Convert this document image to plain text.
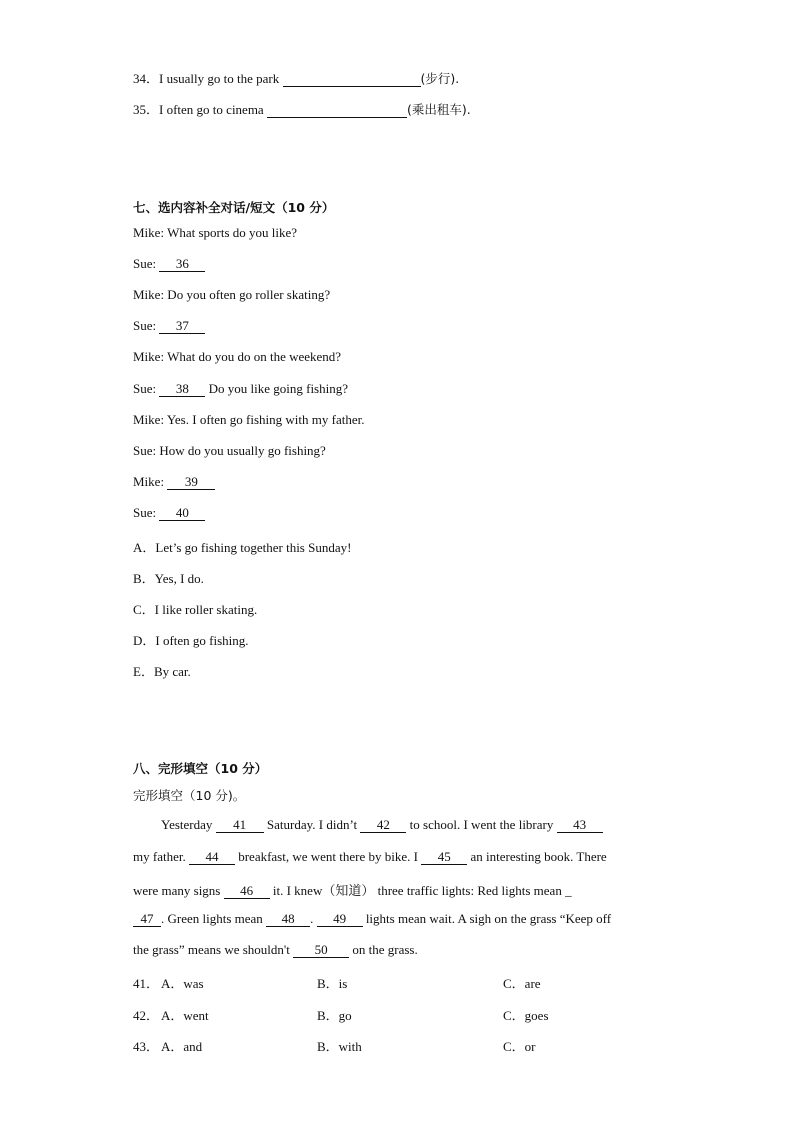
34．I usually go to the park	(步行).
35．I often go to cinema	(乘出租车).
七、选内容补全对话/短文（10 分）
Mike: What sports do you like?
Sue: 36
Mike: Do you often go roller skating?
Sue: 37
Mike: What do you do on the weekend?
Sue: 38 Do you like going fishing?
Mike: Yes. I often go fishing with my father.
Sue: How do you usually go fishing?
Mike: 39
Sue: 40
A．Let’s go fishing together this Sunday!
B．Yes, I do.
C．I like roller skating.
D．I often go fishing.
E．By car.
八、完形填空（10 分）
完形填空（10 分)。
Yesterday 41 Saturday. I didn’t 42 to school. I went the library 43
my father. 44 breakfast, we went there by bike. I 45 an interesting book. There
were many signs 46 it. I knew（知道） three traffic lights: Red lights mean _
47 . Green lights mean 48 . 49 lights mean wait. A sigh on the grass “Keep off
the grass” means we shouldn't 50 on the grass.
41． A．was	B．is	C．are
42． A．went	B．go	C．goes
43． A．and	B．with	C．or
